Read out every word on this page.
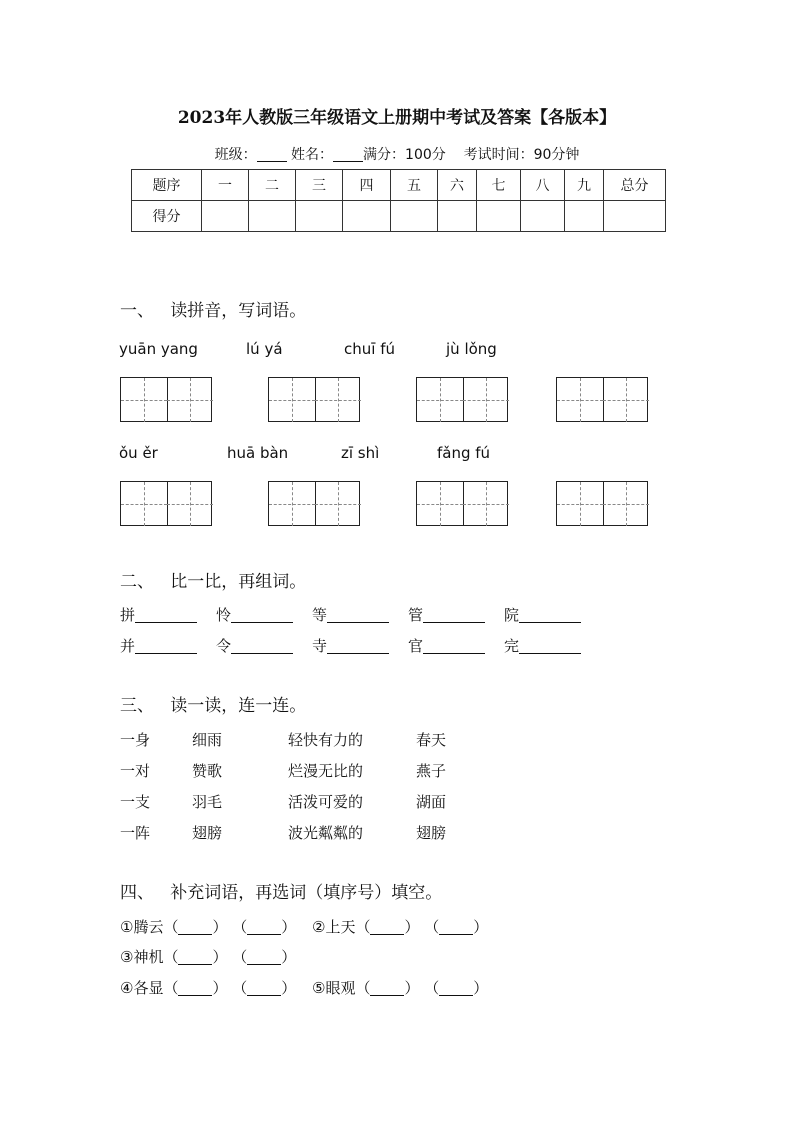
2023年人教版三年级语文上册期中考试及答案【各版本】
班级： 姓名： 满分：100分 考试时间：90分钟
题序	一	二	三	四	五	六	七	八	九	总分
得分										
一、 读拼音，写词语。
yuān yang	lú yá	chuī fú	jù lǒng
ǒu ěr	huā bàn	zī shì	fǎng fú
二、 比一比，再组词。
拼	怜	等	管	院
并	令	寺	官	完
三、 读一读，连一连。
一身	细雨	轻快有力的	春天
一对	赞歌	烂漫无比的	燕子
一支	羽毛	活泼可爱的	湖面
一阵	翅膀	波光粼粼的	翅膀
四、 补充词语，再选词（填序号）填空。
①腾云（ ） （ ） ②上天（ ） （ ）
③神机（ ） （ ）
④各显（ ） （ ） ⑤眼观（ ） （ ）
